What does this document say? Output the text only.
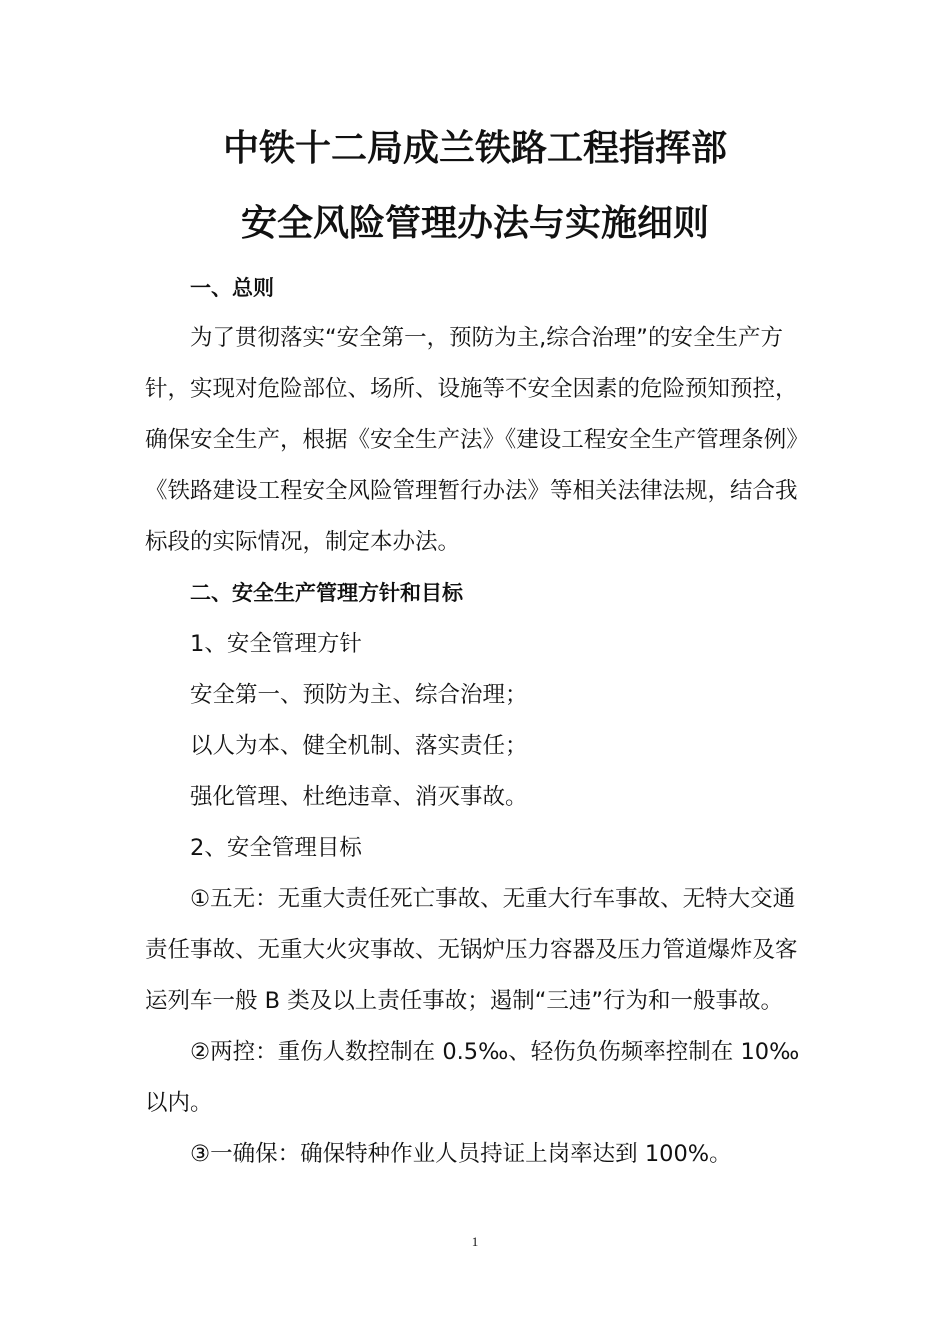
中铁十二局成兰铁路工程指挥部
安全风险管理办法与实施细则

一、总则

为了贯彻落实“安全第一，预防为主,综合治理”的安全生产方针，实现对危险部位、场所、设施等不安全因素的危险预知预控，确保安全生产，根据《安全生产法》《建设工程安全生产管理条例》《铁路建设工程安全风险管理暂行办法》等相关法律法规，结合我标段的实际情况，制定本办法。

二、安全生产管理方针和目标

1、安全管理方针

安全第一、预防为主、综合治理；

以人为本、健全机制、落实责任；

强化管理、杜绝违章、消灭事故。

2、安全管理目标

①五无：无重大责任死亡事故、无重大行车事故、无特大交通责任事故、无重大火灾事故、无锅炉压力容器及压力管道爆炸及客运列车一般 B 类及以上责任事故；遏制“三违”行为和一般事故。

②两控：重伤人数控制在 0.5‰、轻伤负伤频率控制在 10‰以内。

③一确保：确保特种作业人员持证上岗率达到 100%。

1
